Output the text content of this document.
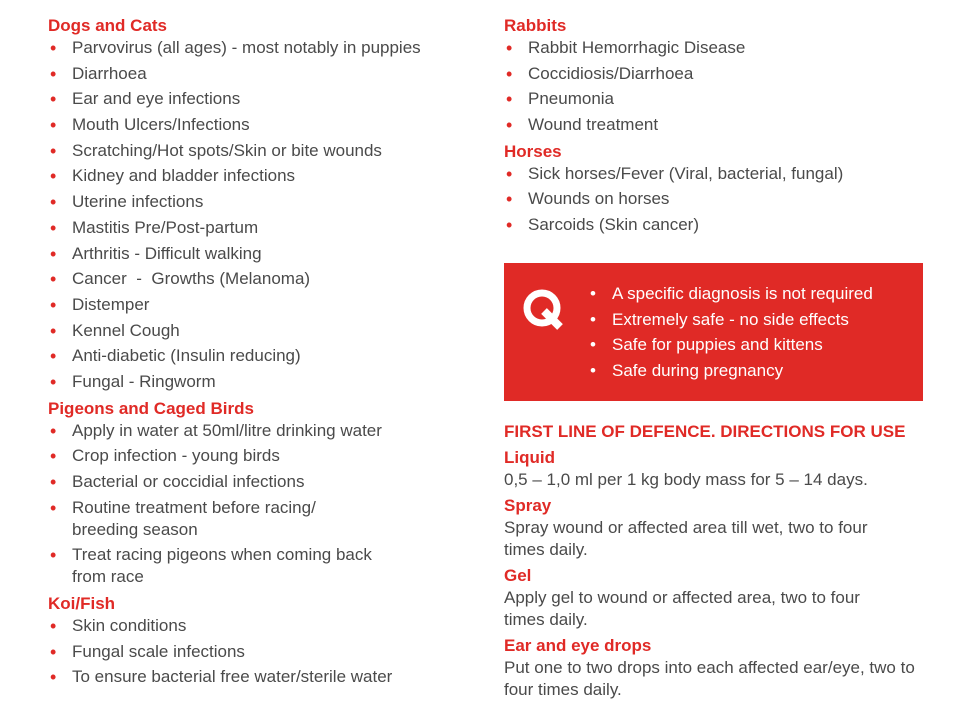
Dogs and Cats
• Parvovirus (all ages) - most notably in puppies
• Diarrhoea
• Ear and eye infections
• Mouth Ulcers/Infections
• Scratching/Hot spots/Skin or bite wounds
• Kidney and bladder infections
• Uterine infections
• Mastitis Pre/Post-partum
• Arthritis - Difficult walking
• Cancer  -  Growths (Melanoma)
• Distemper
• Kennel Cough
• Anti-diabetic (Insulin reducing)
• Fungal - Ringworm
Pigeons and Caged Birds
• Apply in water at 50ml/litre drinking water
• Crop infection - young birds
• Bacterial or coccidial infections
• Routine treatment before racing/ breeding season
• Treat racing pigeons when coming back from race
Koi/Fish
• Skin conditions
• Fungal scale infections
• To ensure bacterial free water/sterile water
Rabbits
• Rabbit Hemorrhagic Disease
• Coccidiosis/Diarrhoea
• Pneumonia
• Wound treatment
Horses
• Sick horses/Fever (Viral, bacterial, fungal)
• Wounds on horses
• Sarcoids (Skin cancer)
• A specific diagnosis is not required
• Extremely safe - no side effects
• Safe for puppies and kittens
• Safe during pregnancy
FIRST LINE OF DEFENCE. DIRECTIONS FOR USE
Liquid
0,5 – 1,0 ml per 1 kg body mass for 5 – 14 days.
Spray
Spray wound or affected area till wet, two to four times daily.
Gel
Apply gel to wound or affected area, two to four times daily.
Ear and eye drops
Put one to two drops into each affected ear/eye, two to four times daily.
